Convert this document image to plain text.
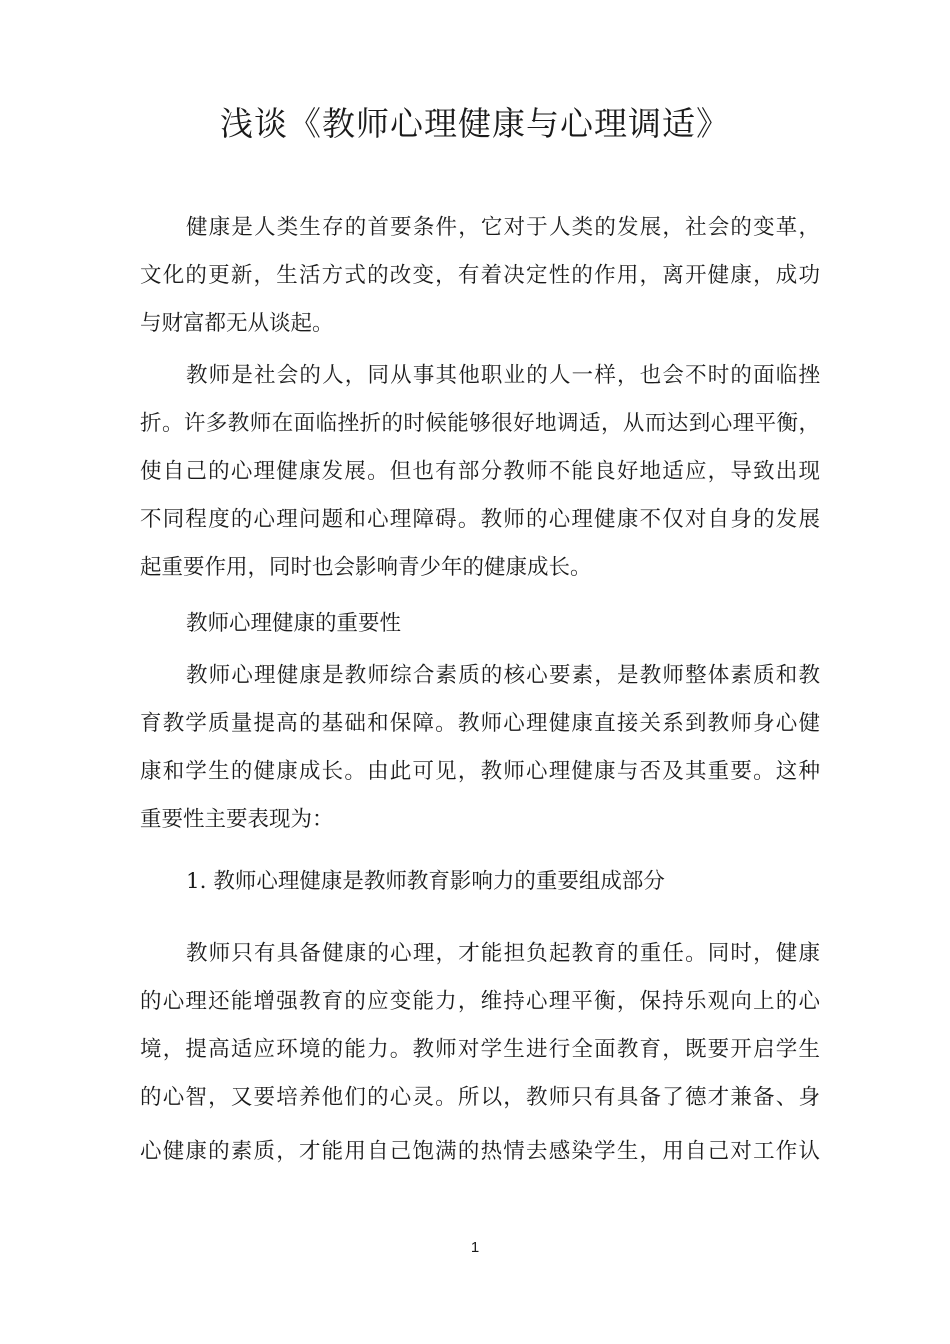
浅谈《教师心理健康与心理调适》
健康是人类生存的首要条件，它对于人类的发展，社会的变革，
文化的更新，生活方式的改变，有着决定性的作用，离开健康，成功
与财富都无从谈起。
教师是社会的人，同从事其他职业的人一样，也会不时的面临挫
折。许多教师在面临挫折的时候能够很好地调适，从而达到心理平衡，
使自己的心理健康发展。但也有部分教师不能良好地适应，导致出现
不同程度的心理问题和心理障碍。教师的心理健康不仅对自身的发展
起重要作用，同时也会影响青少年的健康成长。
教师心理健康的重要性
教师心理健康是教师综合素质的核心要素，是教师整体素质和教
育教学质量提高的基础和保障。教师心理健康直接关系到教师身心健
康和学生的健康成长。由此可见，教师心理健康与否及其重要。这种
重要性主要表现为：
1. 教师心理健康是教师教育影响力的重要组成部分
教师只有具备健康的心理，才能担负起教育的重任。同时，健康
的心理还能增强教育的应变能力，维持心理平衡，保持乐观向上的心
境，提高适应环境的能力。教师对学生进行全面教育，既要开启学生
的心智，又要培养他们的心灵。所以，教师只有具备了德才兼备、身
心健康的素质，才能用自己饱满的热情去感染学生，用自己对工作认
1
